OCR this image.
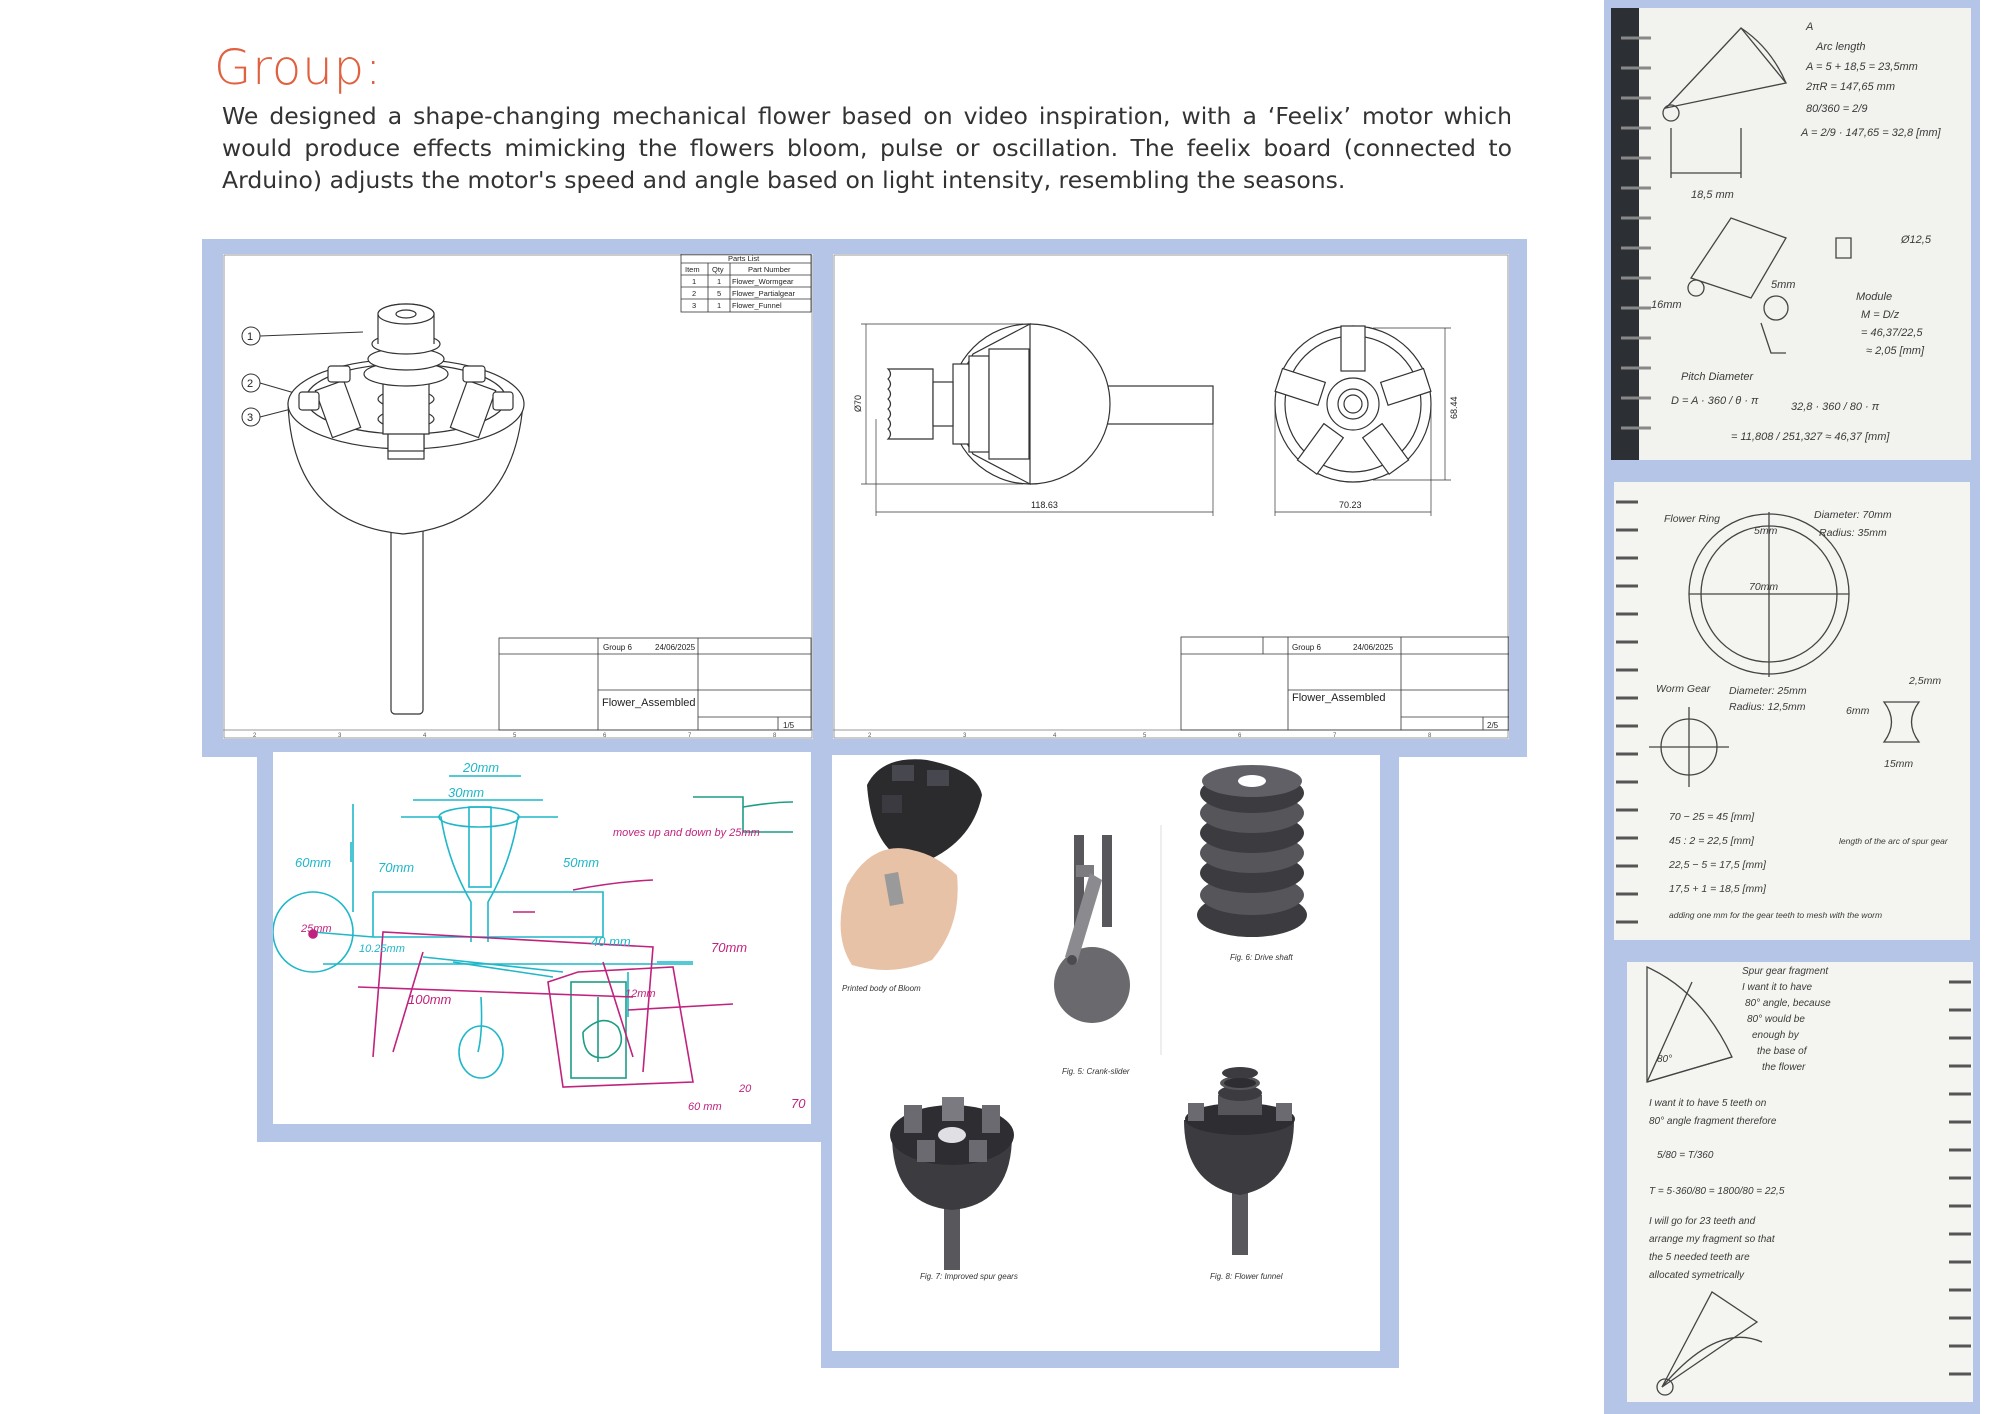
Group:
We designed a shape-changing mechanical flower based on video inspiration, with a ‘Feelix’ motor which would produce effects mimicking the flowers bloom, pulse or oscillation. The feelix board (connected to Arduino) adjusts the motor's speed and angle based on light intensity, resembling the seasons.
2	3	4	5	6	7	8
Parts List
Item Qty	Part Number
1	1 Flower_Wormgear
2	5 Flower_Partialgear
3	1 Flower_Funnel
1
2
3
Group 6	24/06/2025
Flower_Assembled
1/5
2	3	4	5	6	7	8
Ø70
118.63	70.23
68.44
Group 6	24/06/2025
Flower_Assembled
2/5
20mm
30mm
70mm	50mm
60mm
25mm
10.25mm
moves up and down by 25mm
40 mm
100mm
70mm
12mm
60 mm
20
70
Printed body of Bloom
Fig. 5: Crank-slider
Fig. 6: Drive shaft
Fig. 7: Improved spur gears	Fig. 8: Flower funnel
A
Arc length
A = 5 + 18,5 = 23,5mm
2πR = 147,65 mm
80/360 = 2/9
A = 2/9 · 147,65 = 32,8 [mm]
18,5 mm
Ø12,5
5mm
Module
M = D/z
= 46,37/22,5
≈ 2,05 [mm]
Pitch Diameter
D = A · 360 / θ · π	32,8 · 360 / 80 · π
= 11,808 / 251,327 ≈ 46,37 [mm]
16mm
Flower Ring	Diameter: 70mm
Radius: 35mm
5mm
70mm
Worm Gear Diameter: 25mm
Radius: 12,5mm
2,5mm
6mm
15mm
70 − 25 = 45 [mm]
45 : 2 = 22,5 [mm]
22,5 − 5 = 17,5 [mm]
17,5 + 1 = 18,5 [mm]
length of the arc of spur gear
adding one mm for the gear teeth to mesh with the worm
Spur gear fragment
I want it to have
80° angle, because
80° would be
enough by
the base of
the flower
I want it to have 5 teeth on
80° angle fragment therefore
5/80 = T/360
T = 5·360/80 = 1800/80 = 22,5
I will go for 23 teeth and
arrange my fragment so that
the 5 needed teeth are
allocated symetrically
80°
